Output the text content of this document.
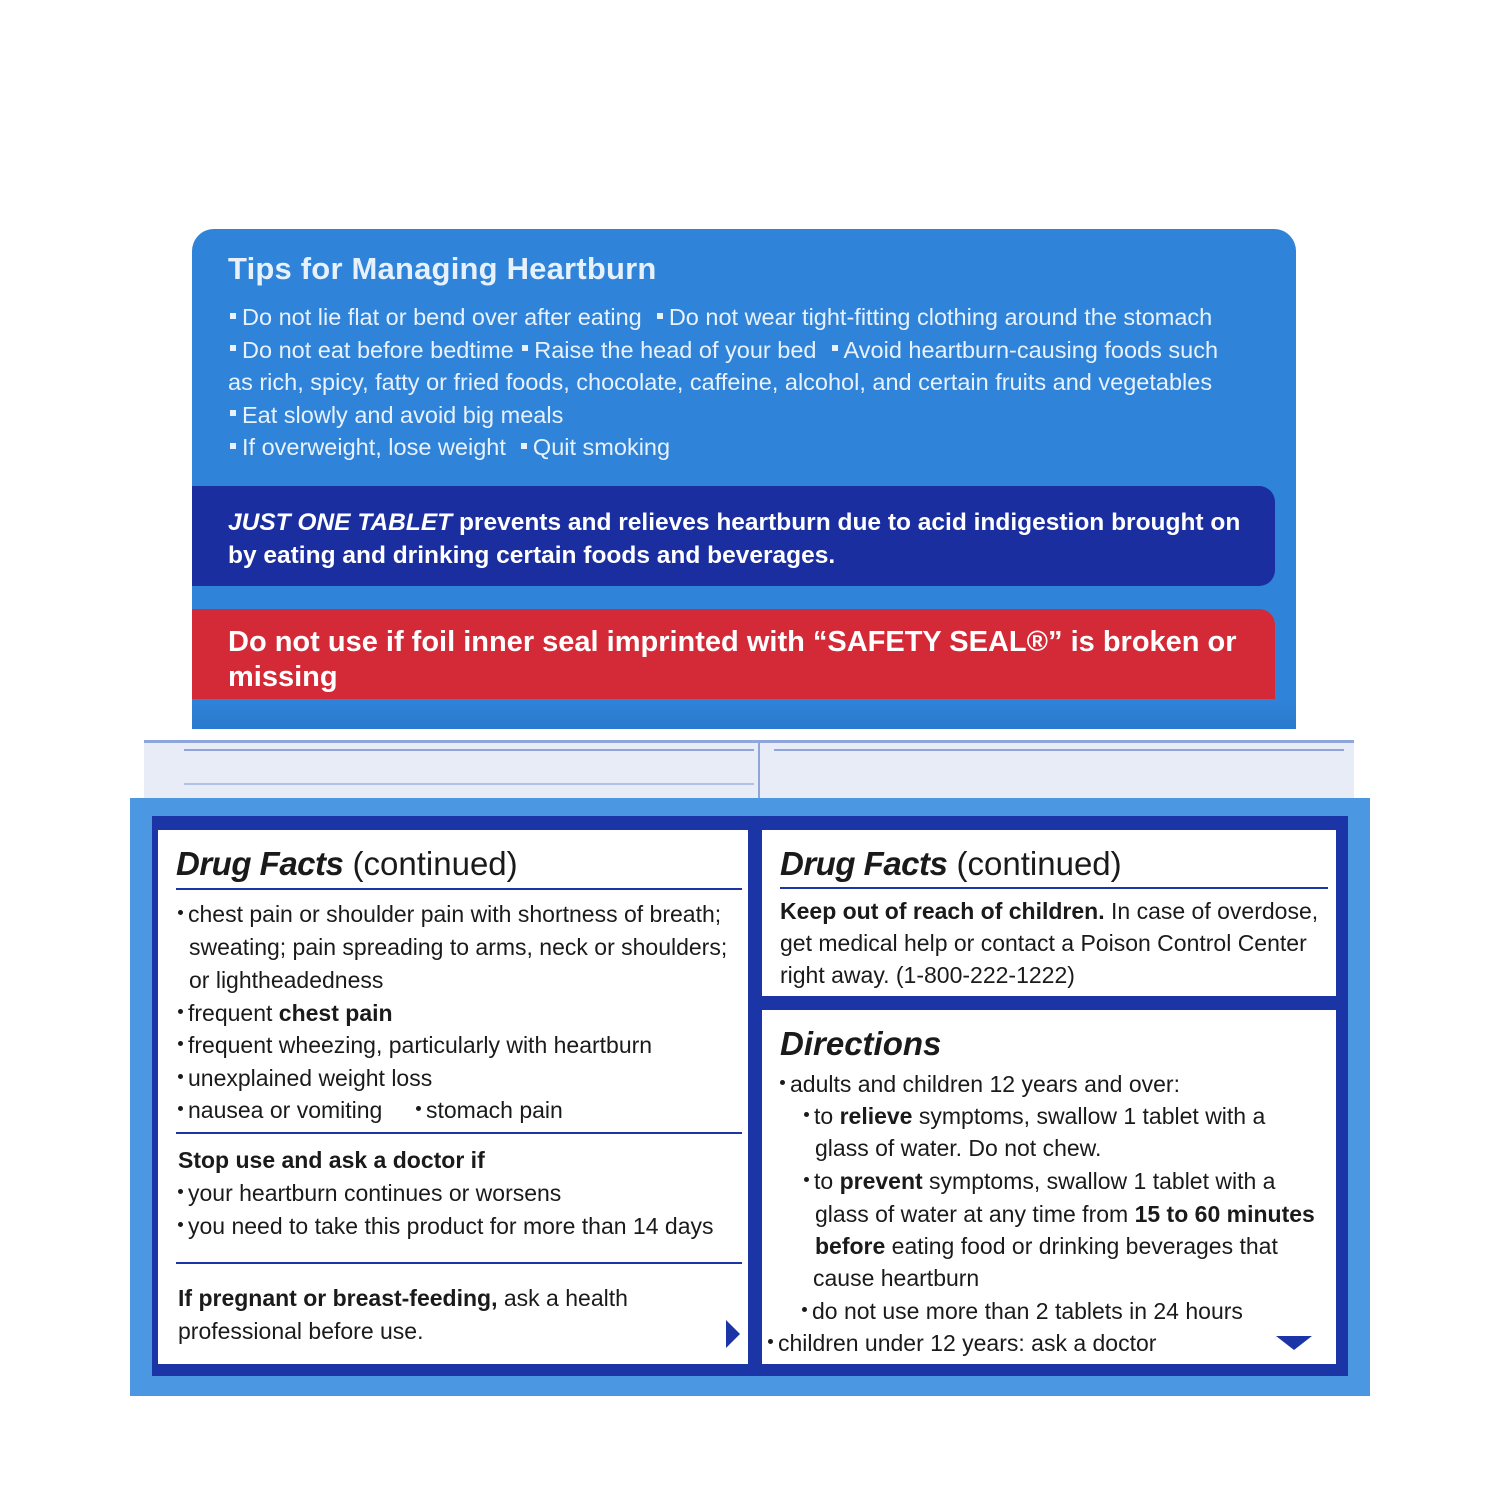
Tips for Managing Heartburn

Do not lie flat or bend over after eating Do not wear tight-fitting clothing around the stomach  Do not eat before bedtime Raise the head of your bed Avoid heartburn-causing foods such as rich, spicy, fatty or fried foods, chocolate, caffeine, alcohol, and certain fruits and vegetables  Eat slowly and avoid big meals
If overweight, lose weight Quit smoking

JUST ONE TABLET prevents and relieves heartburn due to acid indigestion brought on by eating and drinking certain foods and beverages.

Do not use if foil inner seal imprinted with “SAFETY SEAL®” is broken or missing

Drug Facts (continued)
chest pain or shoulder pain with shortness of breath;
sweating; pain spreading to arms, neck or shoulders;
or lightheadedness
frequent chest pain
frequent wheezing, particularly with heartburn
unexplained weight loss
nausea or vomiting	stomach pain
Stop use and ask a doctor if
your heartburn continues or worsens
you need to take this product for more than 14 days
If pregnant or breast-feeding, ask a health
professional before use.
Drug Facts (continued)
Keep out of reach of children. In case of overdose,
get medical help or contact a Poison Control Center
right away. (1-800-222-1222)
Directions
adults and children 12 years and over:
to relieve symptoms, swallow 1 tablet with a
glass of water. Do not chew.
to prevent symptoms, swallow 1 tablet with a
glass of water at any time from 15 to 60 minutes
before eating food or drinking beverages that
cause heartburn
do not use more than 2 tablets in 24 hours
children under 12 years: ask a doctor
